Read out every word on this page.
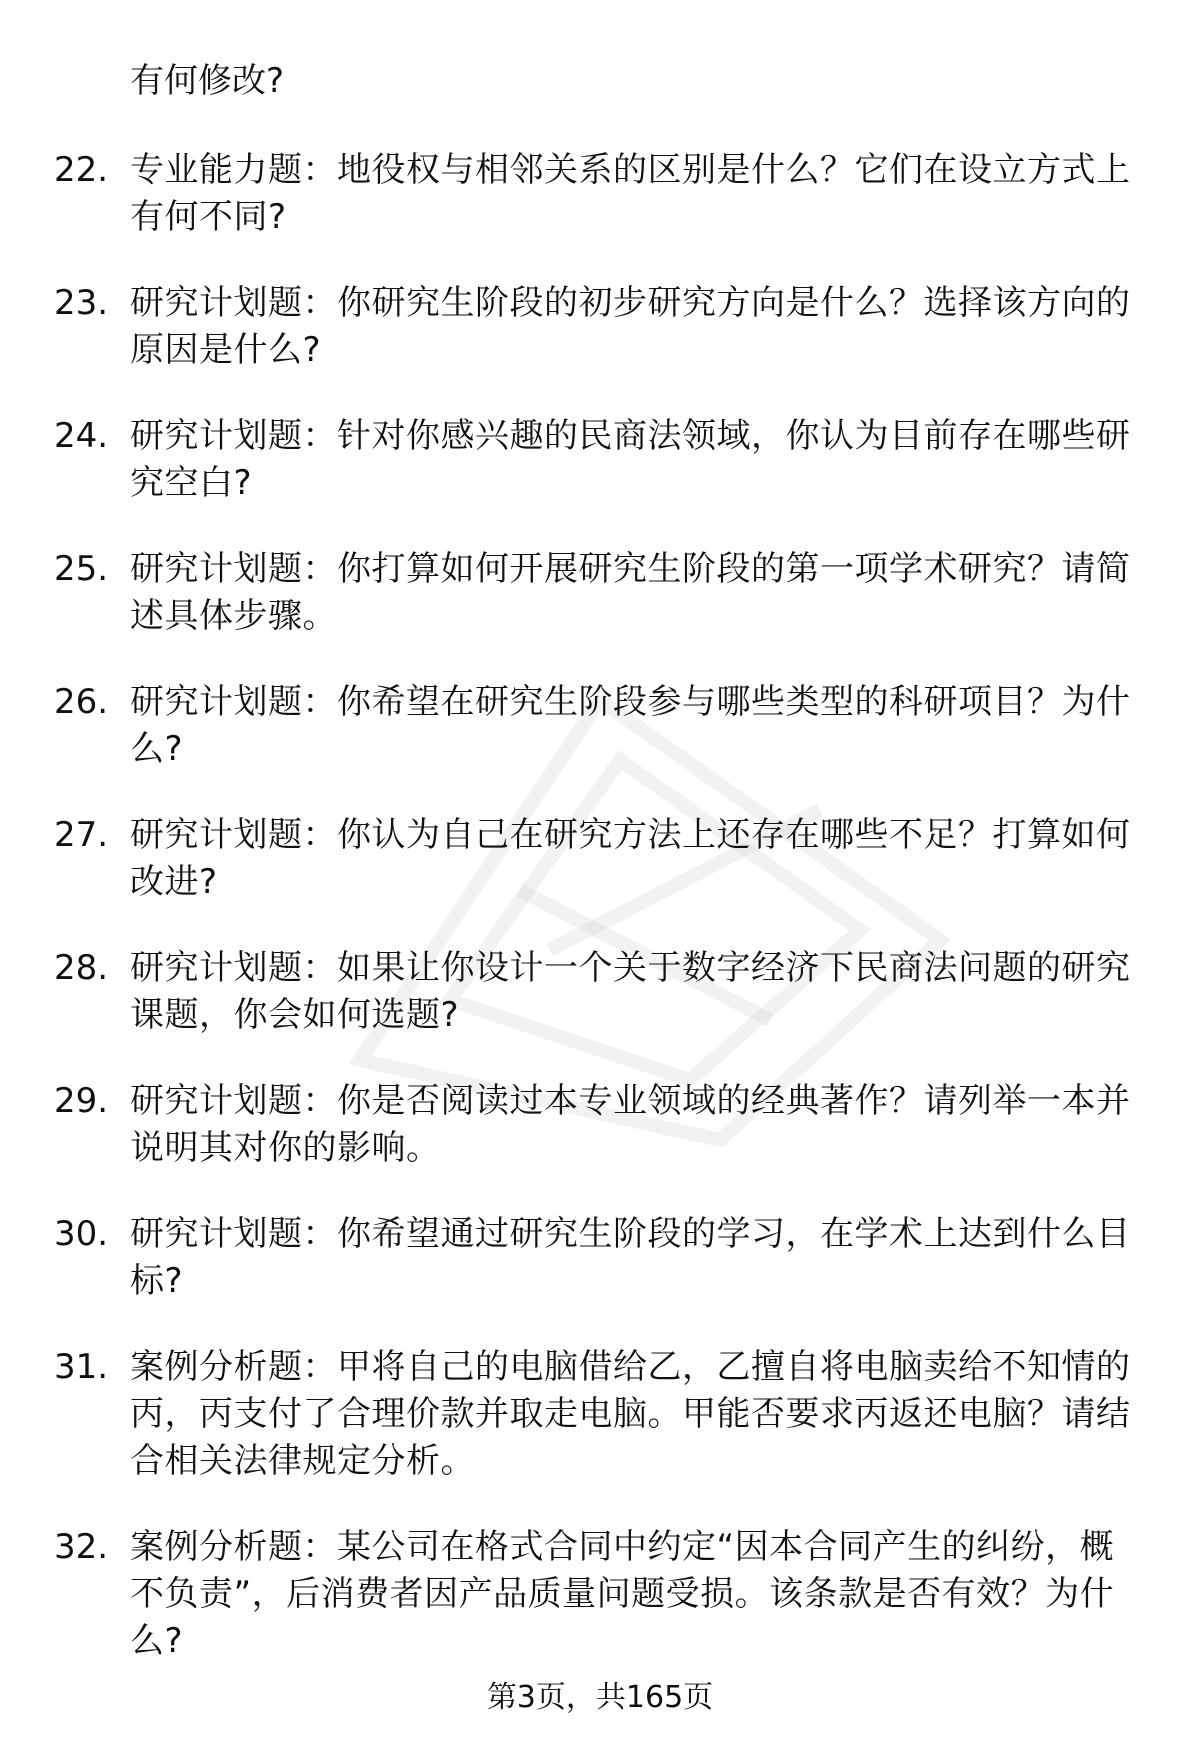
有何修改?
22. 专业能力题：地役权与相邻关系的区别是什么？它们在设立方式上有何不同?
23. 研究计划题：你研究生阶段的初步研究方向是什么？选择该方向的原因是什么?
24. 研究计划题：针对你感兴趣的民商法领域，你认为目前存在哪些研究空白?
25. 研究计划题：你打算如何开展研究生阶段的第一项学术研究？请简述具体步骤。
26. 研究计划题：你希望在研究生阶段参与哪些类型的科研项目？为什么?
27. 研究计划题：你认为自己在研究方法上还存在哪些不足？打算如何改进?
28. 研究计划题：如果让你设计一个关于数字经济下民商法问题的研究课题，你会如何选题?
29. 研究计划题：你是否阅读过本专业领域的经典著作？请列举一本并说明其对你的影响。
30. 研究计划题：你希望通过研究生阶段的学习，在学术上达到什么目标?
31. 案例分析题：甲将自己的电脑借给乙，乙擅自将电脑卖给不知情的丙，丙支付了合理价款并取走电脑。甲能否要求丙返还电脑？请结合相关法律规定分析。
32. 案例分析题：某公司在格式合同中约定“因本合同产生的纠纷，概不负责”，后消费者因产品质量问题受损。该条款是否有效？为什么?
第3页，共165页
